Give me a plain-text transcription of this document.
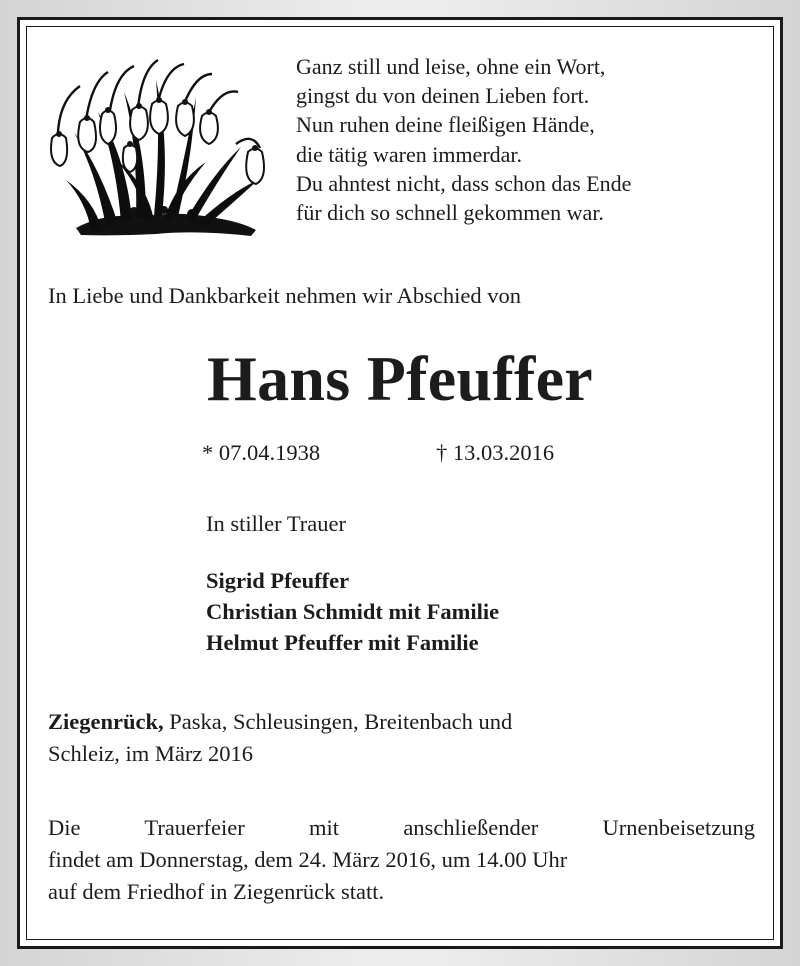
Ganz still und leise, ohne ein Wort,
gingst du von deinen Lieben fort.
Nun ruhen deine fleißigen Hände,
die tätig waren immerdar.
Du ahntest nicht, dass schon das Ende
für dich so schnell gekommen war.
In Liebe und Dankbarkeit nehmen wir Abschied von
Hans Pfeuffer
* 07.04.1938	† 13.03.2016
In stiller Trauer
Sigrid Pfeuffer
Christian Schmidt mit Familie
Helmut Pfeuffer mit Familie
Ziegenrück, Paska, Schleusingen, Breitenbach und
Schleiz, im März 2016
Die Trauerfeier mit anschließender Urnenbeisetzung
findet am Donnerstag, dem 24. März 2016, um 14.00 Uhr
auf dem Friedhof in Ziegenrück statt.
